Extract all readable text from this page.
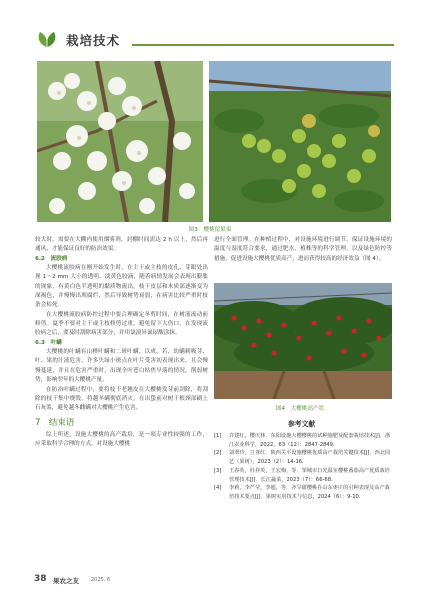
栽培技术
图3　樱桃留果果

较大时，需要在大棚内使用烟雾剂，封棚时间需达 2 h 以上，然后再通风，才能保证良好的防治效果。

6.2　流胶病

大樱桃流胶病在刚开始发生时，在主干或主枝的皮孔、芽眼处出现 1～2 mm 大小的透明、淡黄色胶滴，随着病情发展会表现出膨胀的现象，有黄白色半透明的黏质物流出，枝干皮层和木质部逐渐变为深褐色，并慢慢出现腐烂，然后导致树势衰弱，在病害比较严重时枝条会枯死。

在大樱桃流胶病防控过程中要合理确定冬剪时间，在树液流动前修剪。夏季不要对主干或主枝修剪过重，避免留下大伤口。在发现流胶病之后，要及时刮除病害部分，并用氯溴异氰尿酸涂抹。

6.3　叶螨

大樱桃的叶螨有山楂叶螨和二斑叶螨，以成、若、幼螨刺吸芽、叶、果的汁液危害，许多失绿小斑点在叶片受害初表现出来，且会慢慢蔓延，并且在危害严重时，出现全叶苍白枯焦早落的情况，削弱树势，影响翌年的大樱桃产量。

在防治叶螨过程中，要将枝干老翘皮在大樱桃发芽前刮除，将刮除的枝干集中烧毁，将越冬螨彻底消灭，在出蛰前对树干根颈部刷上石灰浆，避免越冬雌螨对大樱桃产生危害。

7　结束语

综上所述，设施大樱桃的高产栽培，是一项专业性较强的工作，应采取科学合理的方式，对设施大樱桃

进行全面管理。在种植过程中，对设施环境进行调节，保证设施环境的温度与湿度符合要求，通过肥水、植株等的科学管理，以及绿色防控等措施，促进设施大樱桃优质高产，进而获得较高的经济效益（图 4）。

图4　大樱桃高产状
参考文献
[1]	许建红，樱庆林．东阳设施大樱樱桃的试种施肥及配套栽培技术[J]．浙江农业科学，2022，63（12）：2847-2849.
[2]	刘翠玲，豆亚红．陕西关平设施樱桃优质高产栽培关键技术[J]．西北园艺（果树），2023（2）：14-16.
[3]	王春英，杜祥英，王宏梅，等．邹城市日光温室樱桃番茄高产优质栽培管理技术[J]．长江蔬菜，2023（7）：66-68.
[4]	李莉，李严莹，李超，等．齐旱甜樱桃在山东枣庄的引种表现及高产栽培技术要点[J]．果树实用技术与信息，2024（6）：9-10.
38 果农之友 2025. 6
